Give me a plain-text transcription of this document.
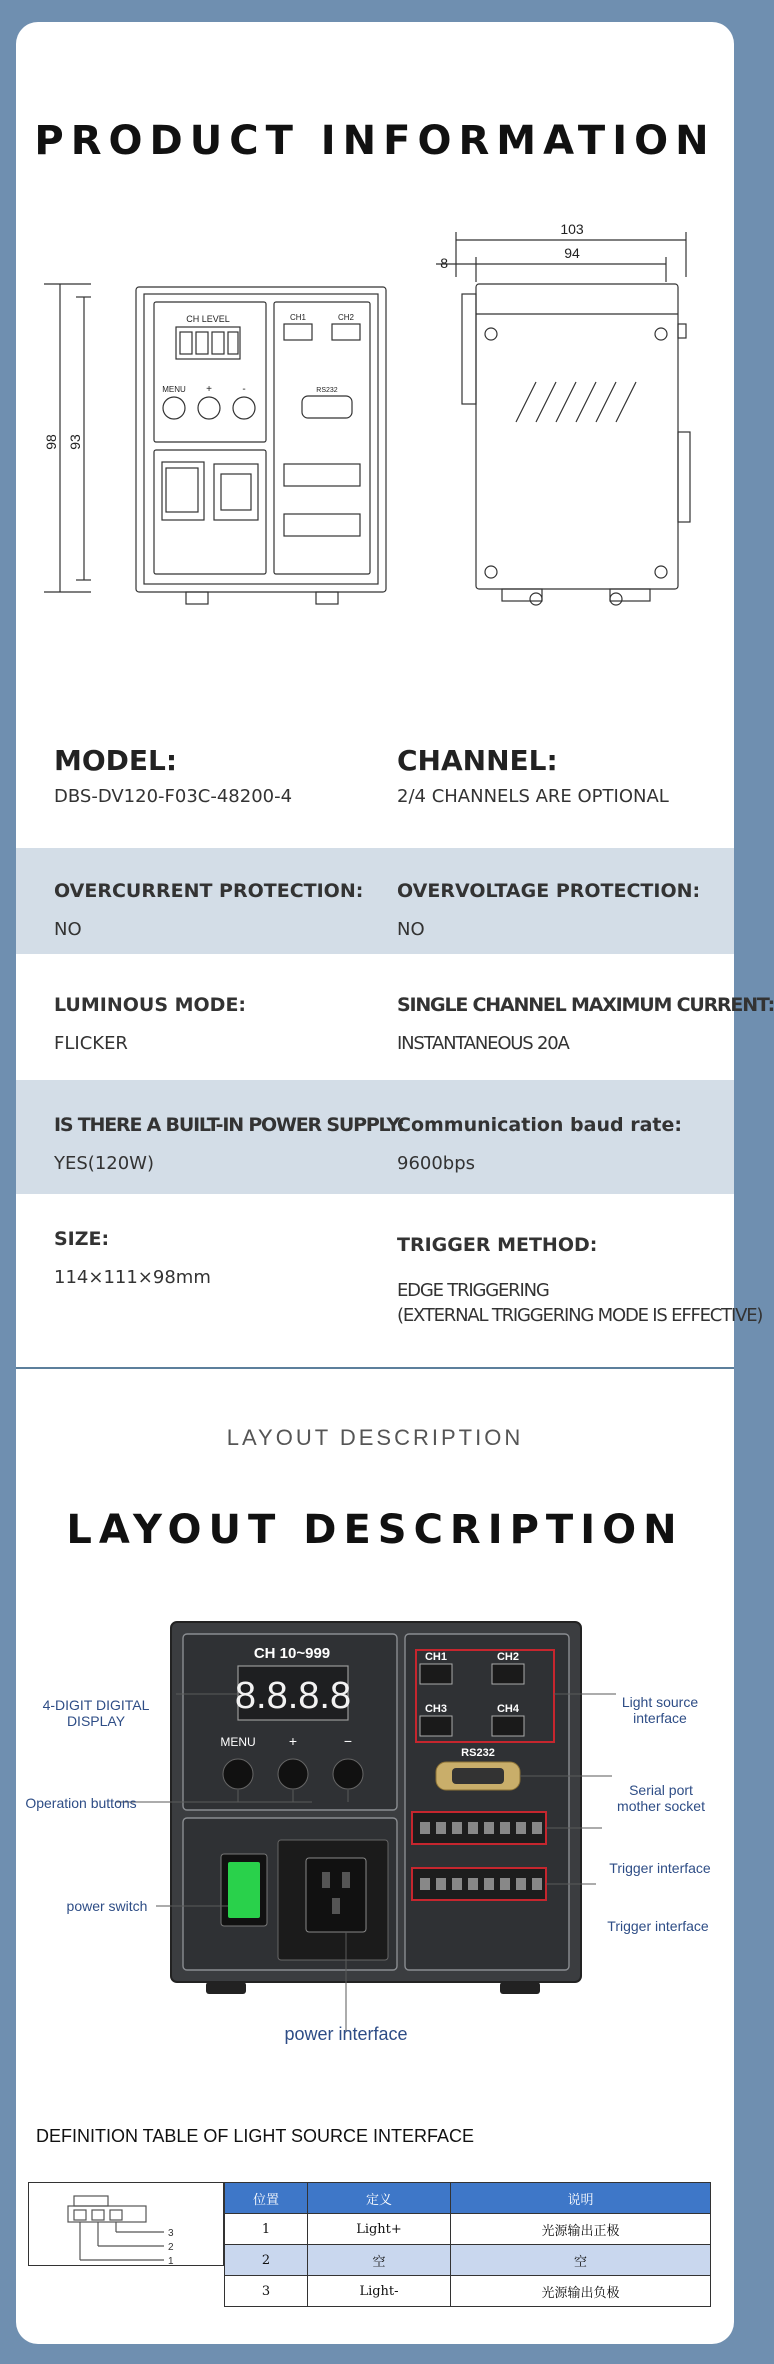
PRODUCT INFORMATION
98 93
103
94
8
CH LEVEL
MENU +	-
CH1	CH2
RS232
MODEL:
DBS-DV120-F03C-48200-4
CHANNEL:
2/4 CHANNELS ARE OPTIONAL
OVERCURRENT PROTECTION:
NO
OVERVOLTAGE PROTECTION:
NO
LUMINOUS MODE:
FLICKER
SINGLE CHANNEL MAXIMUM CURRENT:
INSTANTANEOUS 20A
IS THERE A BUILT-IN POWER SUPPLY:
YES(120W)
Communication baud rate:
9600bps
SIZE:
114×111×98mm
TRIGGER METHOD:
EDGE TRIGGERING
(EXTERNAL TRIGGERING MODE IS EFFECTIVE)
LAYOUT DESCRIPTION
LAYOUT DESCRIPTION
CH 10~999
8.8.8.8
MENU +	−
CH1	CH2
CH3	CH4
RS232
4-DIGIT DIGITAL DISPLAY
Operation buttons
power switch
power interface
Light source interface
Serial port mother socket
Trigger interface
Trigger interface
DEFINITION TABLE OF LIGHT SOURCE INTERFACE
3
2
1
位置	定义	说明
1	Light+	光源输出正极
2	空	空
3	Light-	光源输出负极
